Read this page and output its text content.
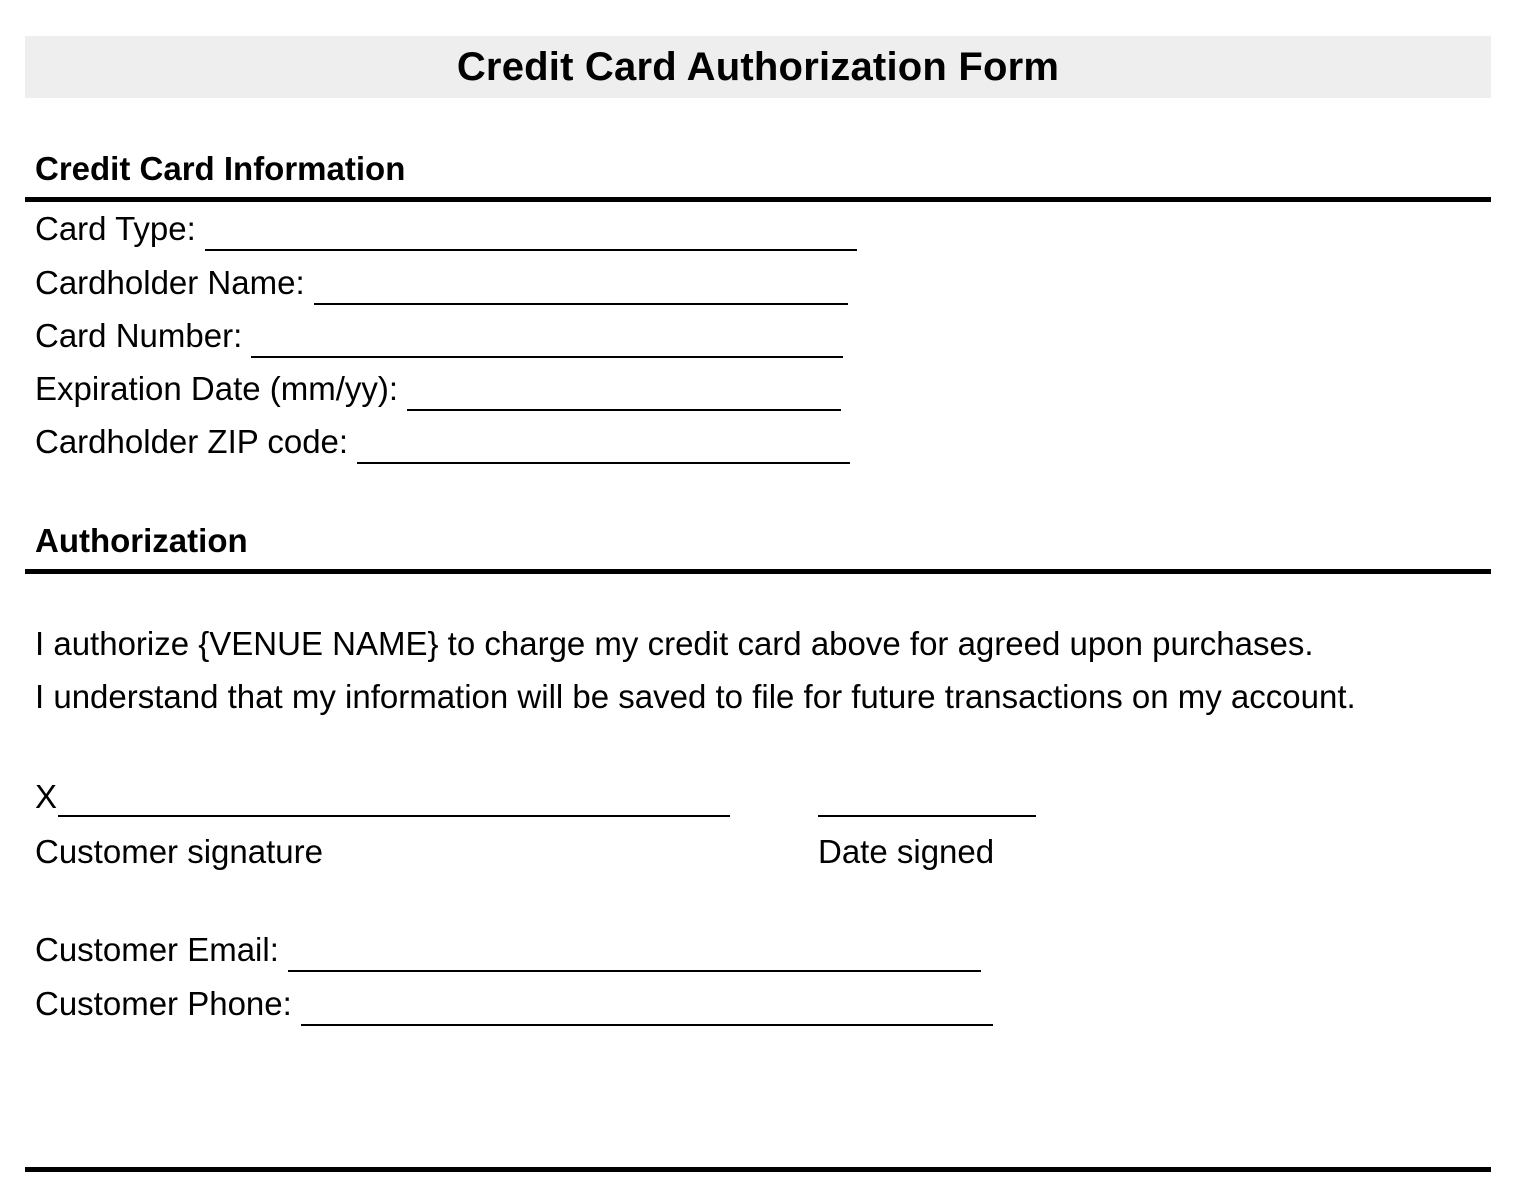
Credit Card Authorization Form
Credit Card Information
Card Type:
Cardholder Name:
Card Number:
Expiration Date (mm/yy):
Cardholder ZIP code:
Authorization
I authorize {VENUE NAME} to charge my credit card above for agreed upon purchases.
I understand that my information will be saved to file for future transactions on my account.
X
Customer signature	Date signed
Customer Email:
Customer Phone:
